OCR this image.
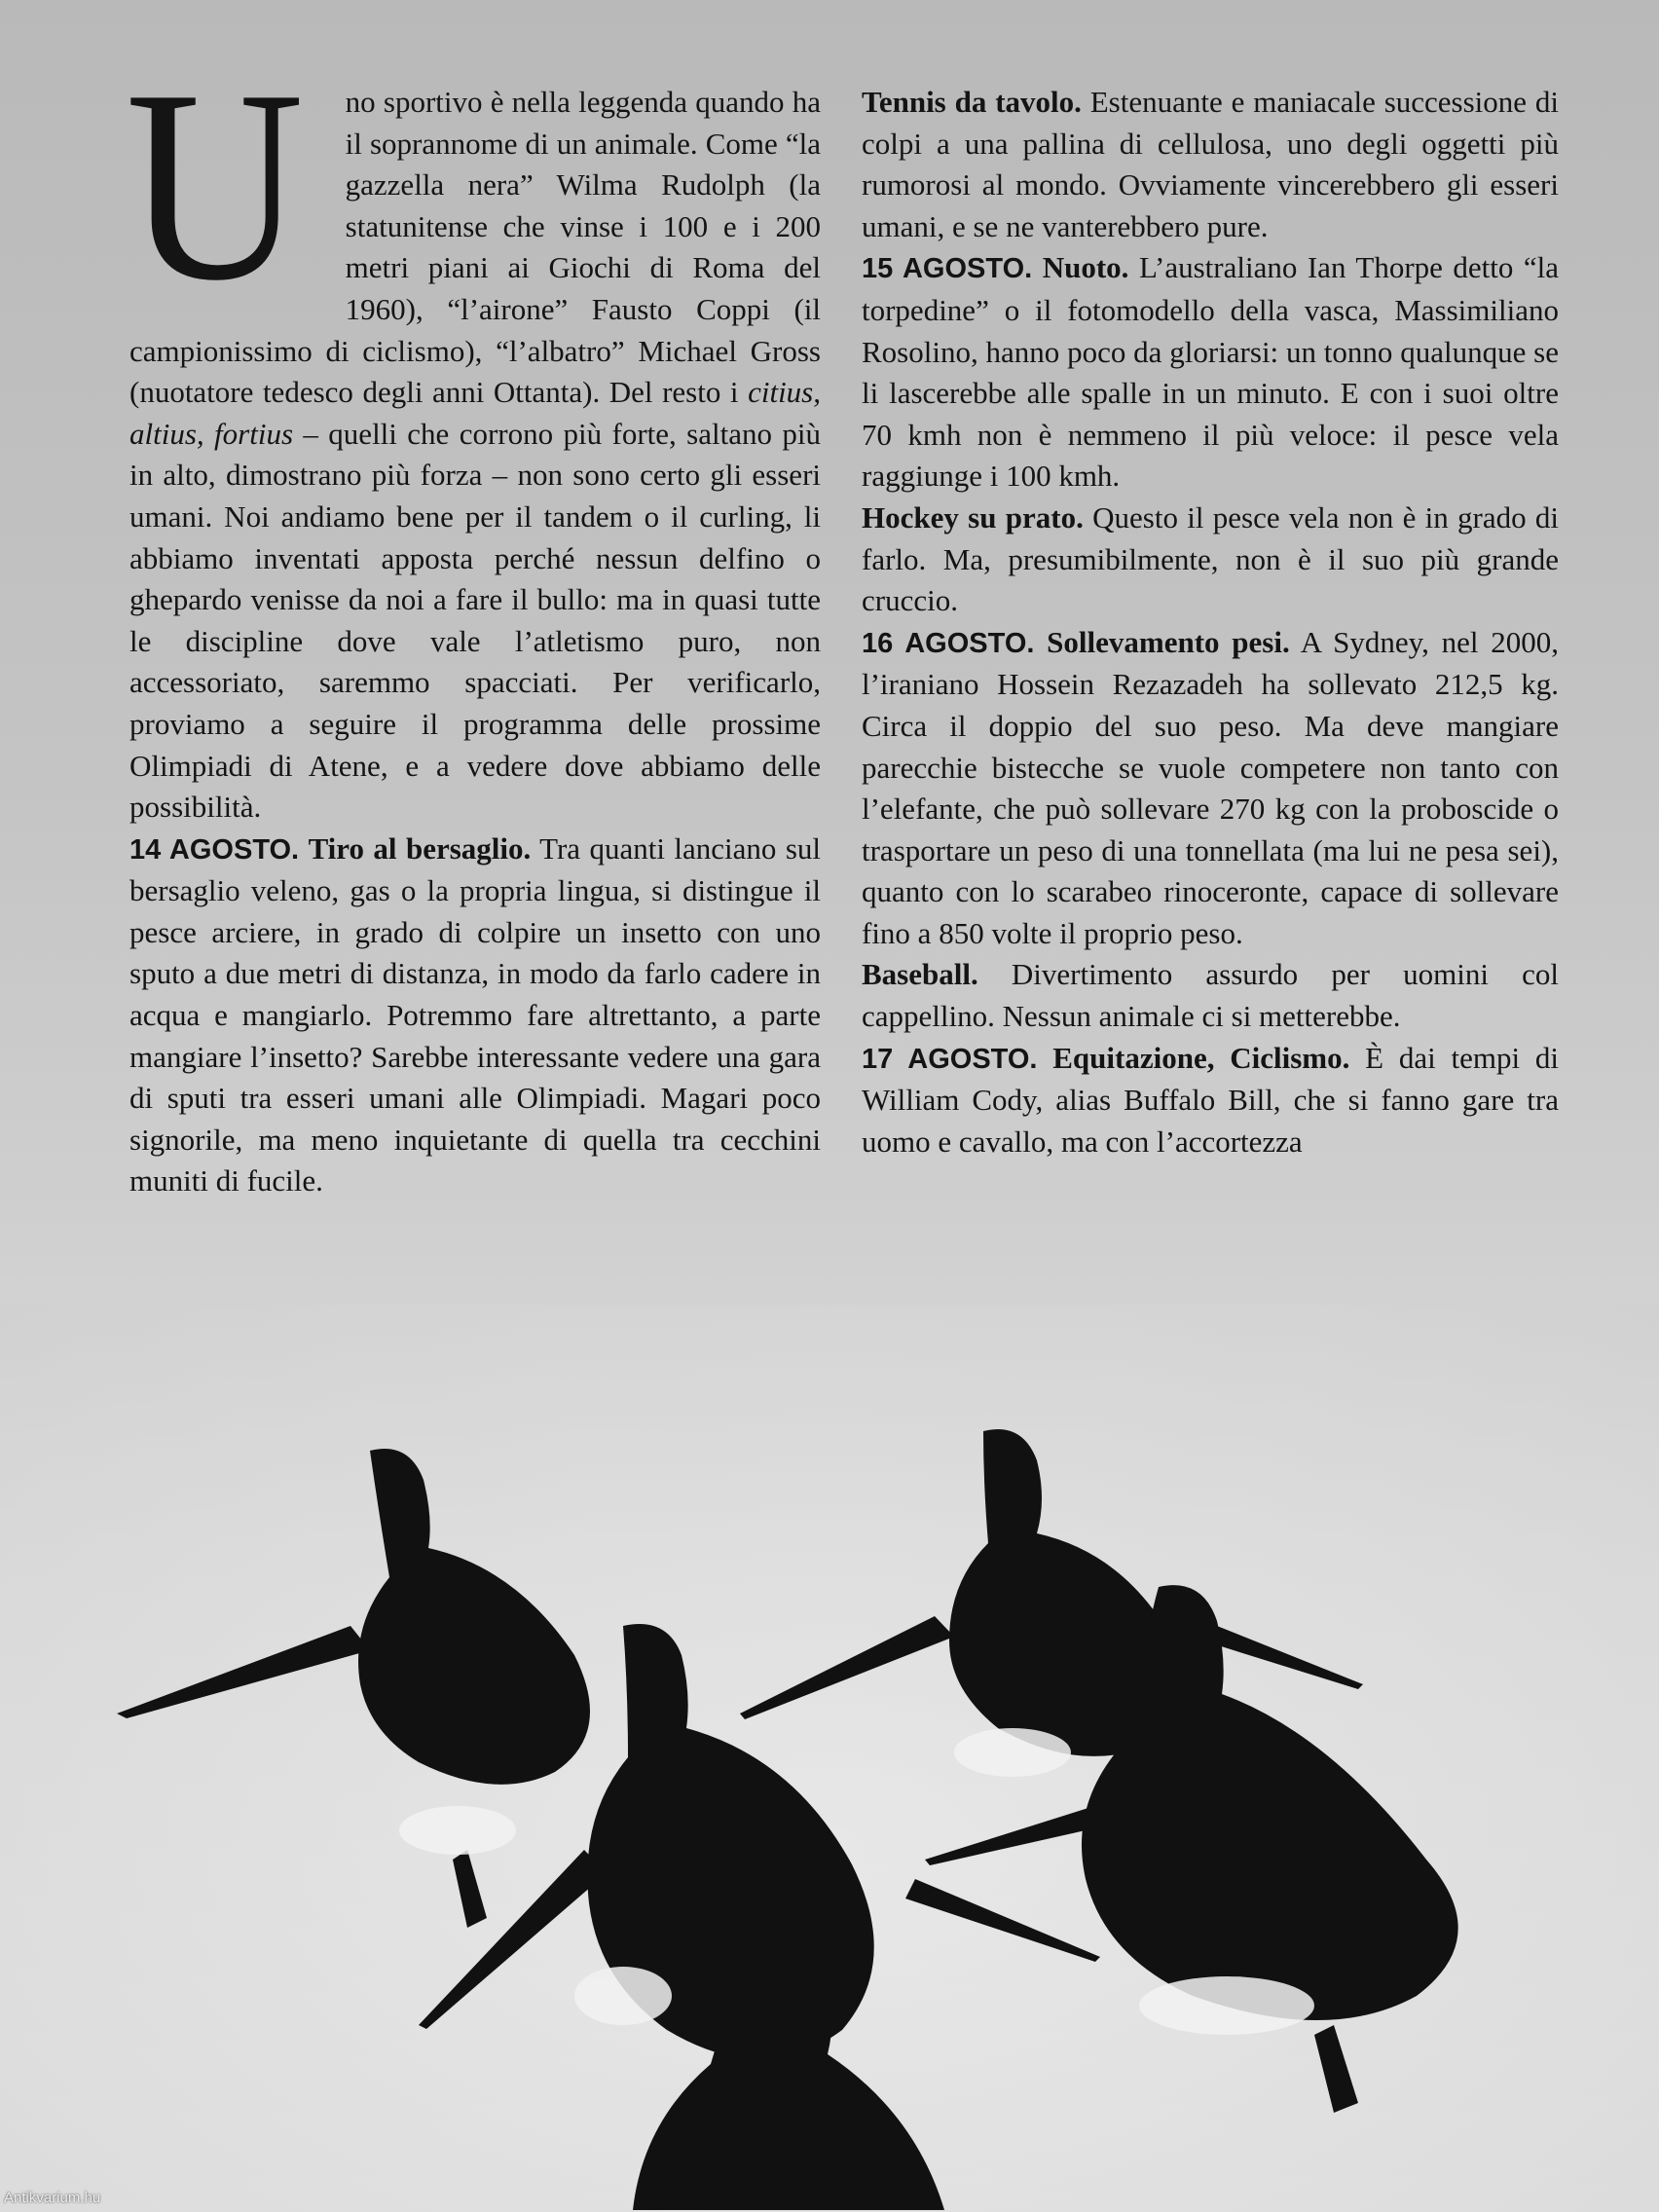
U no sportivo è nella leggenda quando ha il soprannome di un animale. Come “la gazzella nera” Wilma Rudolph (la statunitense che vinse i 100 e i 200 metri piani ai Giochi di Roma del 1960), “l’airone” Fausto Coppi (il campionissimo di ciclismo), “l’albatro” Michael Gross (nuotatore tedesco degli anni Ottanta). Del resto i citius, altius, fortius – quelli che corrono più forte, saltano più in alto, dimostrano più forza – non sono certo gli esseri umani. Noi andiamo bene per il tandem o il curling, li abbiamo inventati apposta perché nessun delfino o ghepardo venisse da noi a fare il bullo: ma in quasi tutte le discipline dove vale l’atletismo puro, non accessoriato, saremmo spacciati. Per verificarlo, proviamo a seguire il programma delle prossime Olimpiadi di Atene, e a vedere dove abbiamo delle possibilità.

14 AGOSTO. Tiro al bersaglio. Tra quanti lanciano sul bersaglio veleno, gas o la propria lingua, si distingue il pesce arciere, in grado di colpire un insetto con uno sputo a due metri di distanza, in modo da farlo cadere in acqua e mangiarlo. Potremmo fare altrettanto, a parte mangiare l’insetto? Sarebbe interessante vedere una gara di sputi tra esseri umani alle Olimpiadi. Magari poco signorile, ma meno inquietante di quella tra cecchini muniti di fucile.

Tennis da tavolo. Estenuante e maniacale successione di colpi a una pallina di cellulosa, uno degli oggetti più rumorosi al mondo. Ovviamente vincerebbero gli esseri umani, e se ne vanterebbero pure.

15 AGOSTO. Nuoto. L’australiano Ian Thorpe detto “la torpedine” o il fotomodello della vasca, Massimiliano Rosolino, hanno poco da gloriarsi: un tonno qualunque se li lascerebbe alle spalle in un minuto. E con i suoi oltre 70 kmh non è nemmeno il più veloce: il pesce vela raggiunge i 100 kmh.

Hockey su prato. Questo il pesce vela non è in grado di farlo. Ma, presumibilmente, non è il suo più grande cruccio.

16 AGOSTO. Sollevamento pesi. A Sydney, nel 2000, l’iraniano Hossein Rezazadeh ha sollevato 212,5 kg. Circa il doppio del suo peso. Ma deve mangiare parecchie bistecche se vuole competere non tanto con l’elefante, che può sollevare 270 kg con la proboscide o trasportare un peso di una tonnellata (ma lui ne pesa sei), quanto con lo scarabeo rinoceronte, capace di sollevare fino a 850 volte il proprio peso.

Baseball. Divertimento assurdo per uomini col cappellino. Nessun animale ci si metterebbe.

17 AGOSTO. Equitazione, Ciclismo. È dai tempi di William Cody, alias Buffalo Bill, che si fanno gare tra uomo e cavallo, ma con l’accortezza

Antikvarium.hu
